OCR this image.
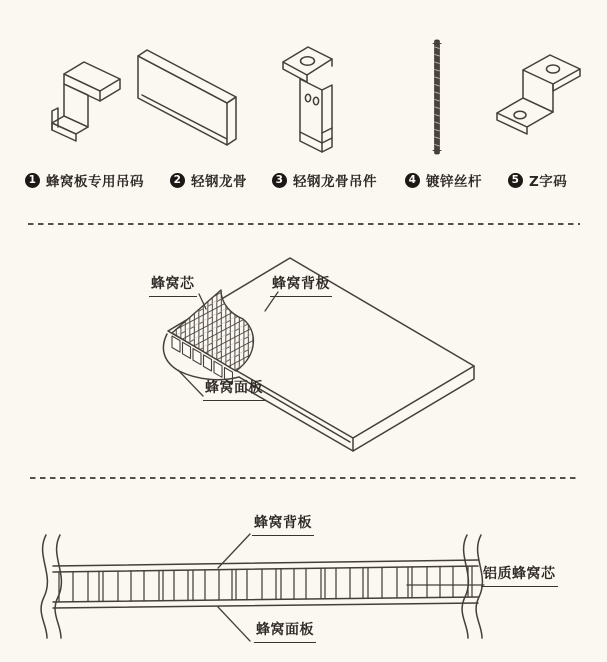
1 蜂窝板专用吊码	2 轻钢龙骨	3 轻钢龙骨吊件	4 镀锌丝杆	5 Z字码
蜂窝芯	蜂窝背板
蜂窝面板
蜂窝背板
铝质蜂窝芯
蜂窝面板
